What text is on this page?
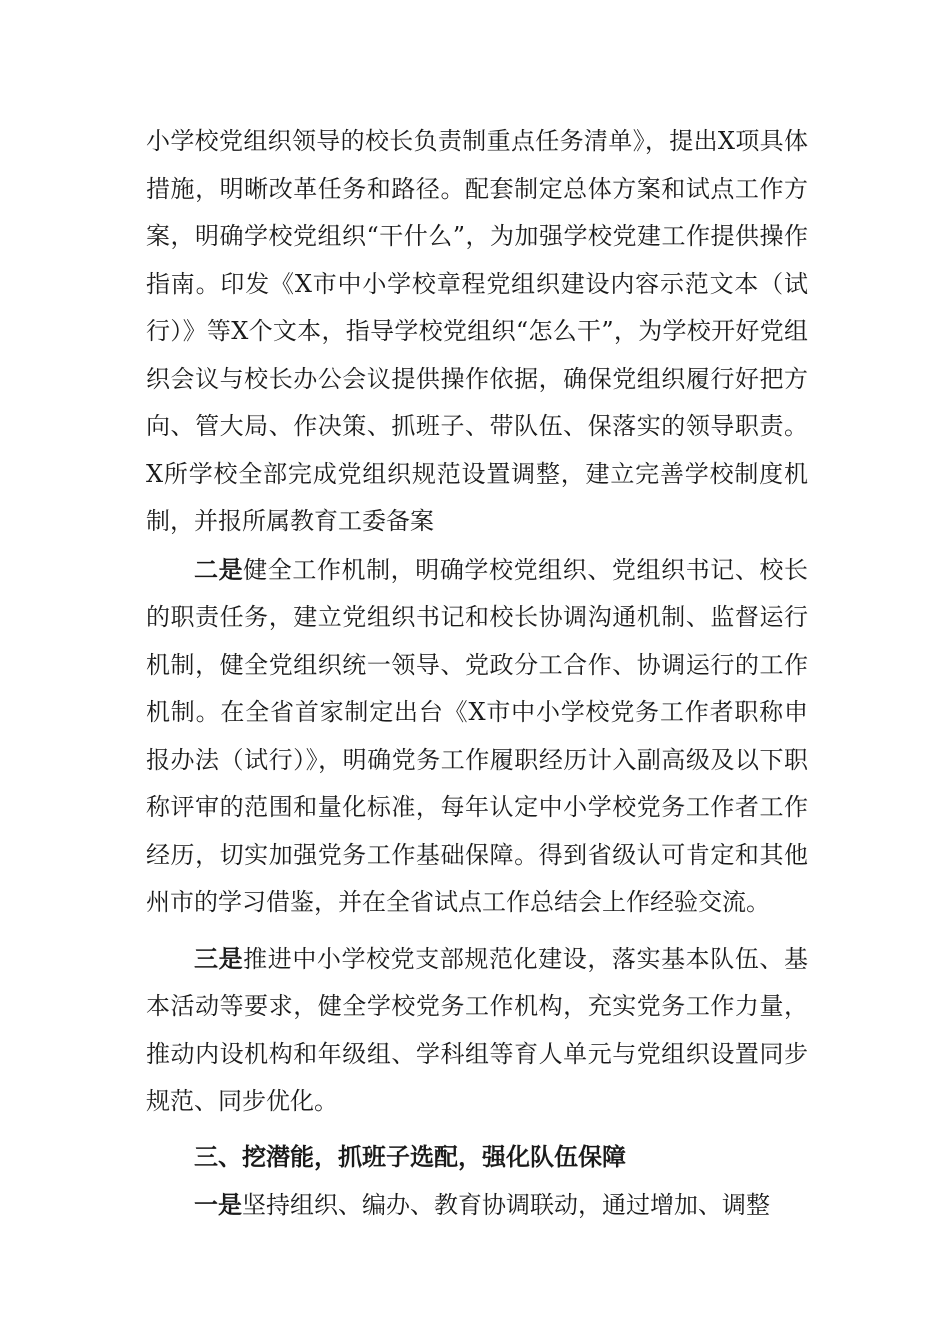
小学校党组织领导的校长负责制重点任务清单》，提出X项具体措施，明晰改革任务和路径。配套制定总体方案和试点工作方案，明确学校党组织“干什么”，为加强学校党建工作提供操作指南。印发《X市中小学校章程党组织建设内容示范文本（试行）》等X个文本，指导学校党组织“怎么干”，为学校开好党组织会议与校长办公会议提供操作依据，确保党组织履行好把方向、管大局、作决策、抓班子、带队伍、保落实的领导职责。X所学校全部完成党组织规范设置调整，建立完善学校制度机制，并报所属教育工委备案

二是健全工作机制，明确学校党组织、党组织书记、校长的职责任务，建立党组织书记和校长协调沟通机制、监督运行机制，健全党组织统一领导、党政分工合作、协调运行的工作机制。在全省首家制定出台《X市中小学校党务工作者职称申报办法（试行）》，明确党务工作履职经历计入副高级及以下职称评审的范围和量化标准，每年认定中小学校党务工作者工作经历，切实加强党务工作基础保障。得到省级认可肯定和其他州市的学习借鉴，并在全省试点工作总结会上作经验交流。

三是推进中小学校党支部规范化建设，落实基本队伍、基本活动等要求，健全学校党务工作机构，充实党务工作力量，推动内设机构和年级组、学科组等育人单元与党组织设置同步规范、同步优化。

三、挖潜能，抓班子选配，强化队伍保障

一是坚持组织、编办、教育协调联动，通过增加、调整
